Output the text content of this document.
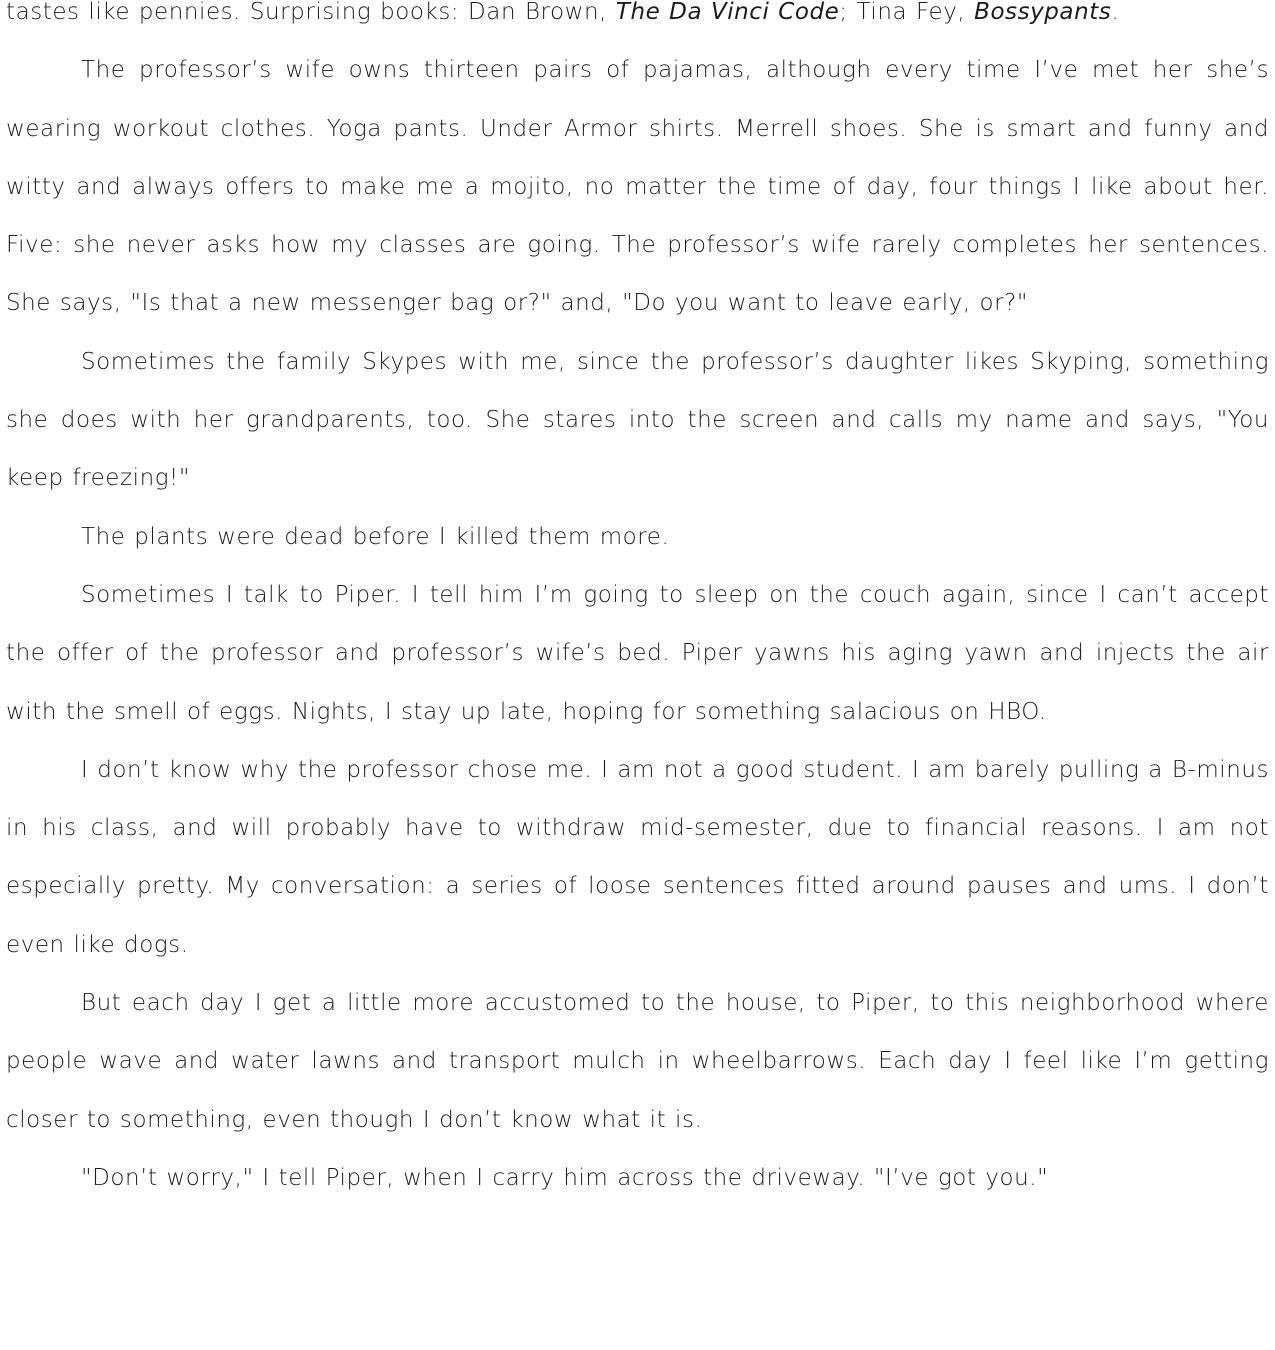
tastes like pennies. Surprising books: Dan Brown, The Da Vinci Code; Tina Fey, Bossypants.

The professor’s wife owns thirteen pairs of pajamas, although every time I’ve met her she’s wearing workout clothes. Yoga pants. Under Armor shirts. Merrell shoes. She is smart and funny and witty and always offers to make me a mojito, no matter the time of day, four things I like about her. Five: she never asks how my classes are going. The professor’s wife rarely completes her sentences. She says, "Is that a new messenger bag or?" and, "Do you want to leave early, or?"

Sometimes the family Skypes with me, since the professor’s daughter likes Skyping, something she does with her grandparents, too. She stares into the screen and calls my name and says, "You keep freezing!"

The plants were dead before I killed them more.

Sometimes I talk to Piper. I tell him I’m going to sleep on the couch again, since I can’t accept the offer of the professor and professor’s wife’s bed. Piper yawns his aging yawn and injects the air with the smell of eggs. Nights, I stay up late, hoping for something salacious on HBO.

I don’t know why the professor chose me. I am not a good student. I am barely pulling a B-minus in his class, and will probably have to withdraw mid-semester, due to financial reasons. I am not especially pretty. My conversation: a series of loose sentences fitted around pauses and ums. I don’t even like dogs.

But each day I get a little more accustomed to the house, to Piper, to this neighborhood where people wave and water lawns and transport mulch in wheelbarrows. Each day I feel like I’m getting closer to something, even though I don’t know what it is.

"Don’t worry," I tell Piper, when I carry him across the driveway. "I’ve got you."
